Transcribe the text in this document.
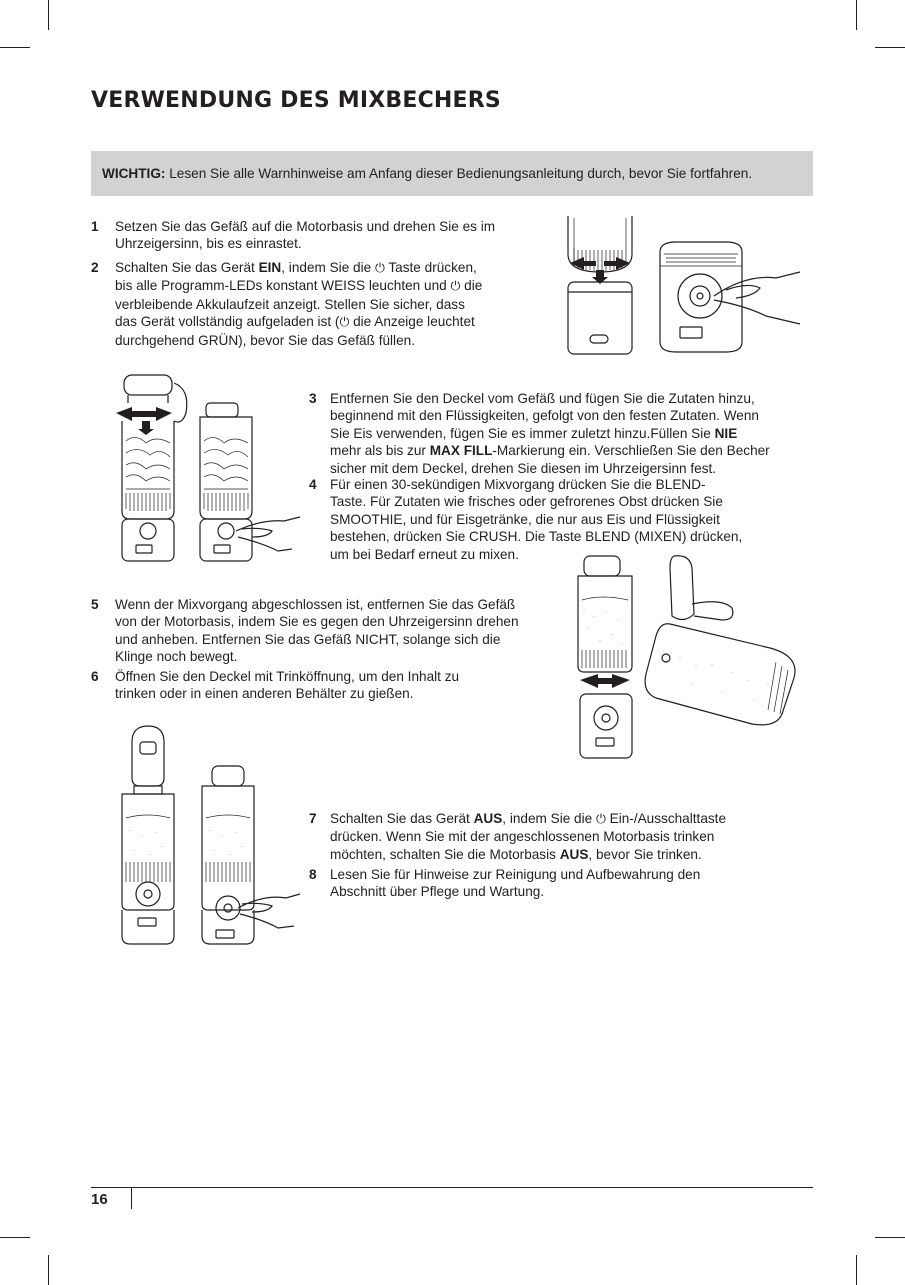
VERWENDUNG DES MIXBECHERS
WICHTIG: Lesen Sie alle Warnhinweise am Anfang dieser Bedienungsanleitung durch, bevor Sie fortfahren.
1 Setzen Sie das Gefäß auf die Motorbasis und drehen Sie es im
Uhrzeigersinn, bis es einrastet.
2 Schalten Sie das Gerät EIN, indem Sie die ⏻ Taste drücken,
bis alle Programm-LEDs konstant WEISS leuchten und ⏻ die
verbleibende Akkulaufzeit anzeigt. Stellen Sie sicher, dass
das Gerät vollständig aufgeladen ist (⏻ die Anzeige leuchtet
durchgehend GRÜN), bevor Sie das Gefäß füllen.
3 Entfernen Sie den Deckel vom Gefäß und fügen Sie die Zutaten hinzu,
beginnend mit den Flüssigkeiten, gefolgt von den festen Zutaten. Wenn
Sie Eis verwenden, fügen Sie es immer zuletzt hinzu.Füllen Sie NIE
mehr als bis zur MAX FILL-Markierung ein. Verschließen Sie den Becher
sicher mit dem Deckel, drehen Sie diesen im Uhrzeigersinn fest.
4 Für einen 30-sekündigen Mixvorgang drücken Sie die BLEND-
Taste. Für Zutaten wie frisches oder gefrorenes Obst drücken Sie
SMOOTHIE, und für Eisgetränke, die nur aus Eis und Flüssigkeit
bestehen, drücken Sie CRUSH. Die Taste BLEND (MIXEN) drücken,
um bei Bedarf erneut zu mixen.
5 Wenn der Mixvorgang abgeschlossen ist, entfernen Sie das Gefäß
von der Motorbasis, indem Sie es gegen den Uhrzeigersinn drehen
und anheben. Entfernen Sie das Gefäß NICHT, solange sich die
Klinge noch bewegt.
6 Öffnen Sie den Deckel mit Trinköffnung, um den Inhalt zu
trinken oder in einen anderen Behälter zu gießen.
7 Schalten Sie das Gerät AUS, indem Sie die ⏻ Ein-/Ausschalttaste
drücken. Wenn Sie mit der angeschlossenen Motorbasis trinken
möchten, schalten Sie die Motorbasis AUS, bevor Sie trinken.
8 Lesen Sie für Hinweise zur Reinigung und Aufbewahrung den
Abschnitt über Pflege und Wartung.
16
